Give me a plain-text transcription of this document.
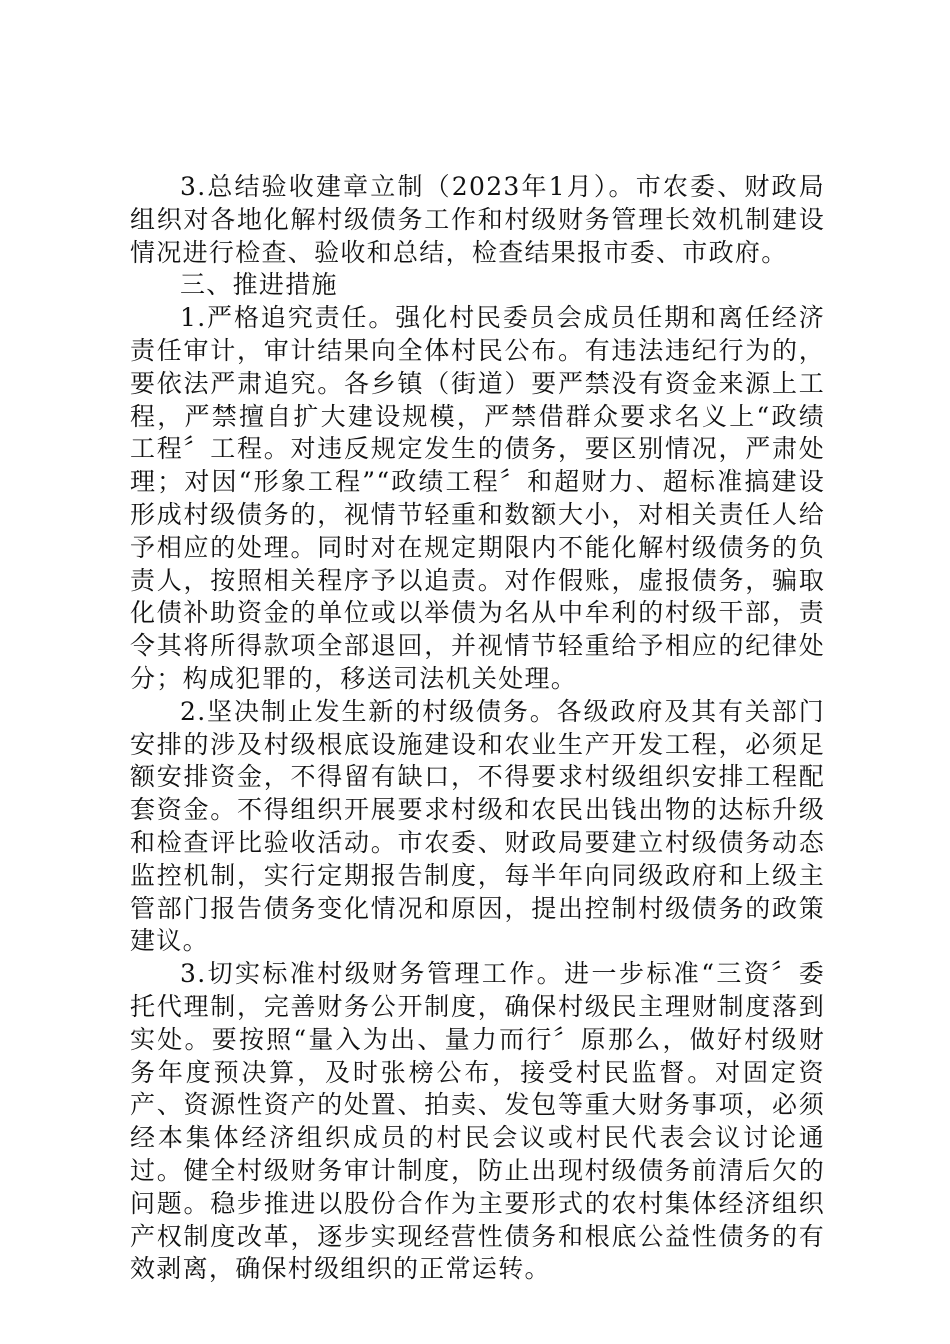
3.总结验收建章立制（2023年1月）。市农委、财政局组织对各地化解村级债务工作和村级财务管理长效机制建设情况进行检查、验收和总结，检查结果报市委、市政府。

三、推进措施

1.严格追究责任。强化村民委员会成员任期和离任经济责任审计，审计结果向全体村民公布。有违法违纪行为的，要依法严肃追究。各乡镇（街道）要严禁没有资金来源上工程，严禁擅自扩大建设规模，严禁借群众要求名义上“政绩工程〞工程。对违反规定发生的债务，要区别情况，严肃处理；对因“形象工程”“政绩工程〞和超财力、超标准搞建设形成村级债务的，视情节轻重和数额大小，对相关责任人给予相应的处理。同时对在规定期限内不能化解村级债务的负责人，按照相关程序予以追责。对作假账，虚报债务，骗取化债补助资金的单位或以举债为名从中牟利的村级干部，责令其将所得款项全部退回，并视情节轻重给予相应的纪律处分；构成犯罪的，移送司法机关处理。

2.坚决制止发生新的村级债务。各级政府及其有关部门安排的涉及村级根底设施建设和农业生产开发工程，必须足额安排资金，不得留有缺口，不得要求村级组织安排工程配套资金。不得组织开展要求村级和农民出钱出物的达标升级和检查评比验收活动。市农委、财政局要建立村级债务动态监控机制，实行定期报告制度，每半年向同级政府和上级主管部门报告债务变化情况和原因，提出控制村级债务的政策建议。

3.切实标准村级财务管理工作。进一步标准“三资〞委托代理制，完善财务公开制度，确保村级民主理财制度落到实处。要按照“量入为出、量力而行〞原那么，做好村级财务年度预决算，及时张榜公布，接受村民监督。对固定资产、资源性资产的处置、拍卖、发包等重大财务事项，必须经本集体经济组织成员的村民会议或村民代表会议讨论通过。健全村级财务审计制度，防止出现村级债务前清后欠的问题。稳步推进以股份合作为主要形式的农村集体经济组织产权制度改革，逐步实现经营性债务和根底公益性债务的有效剥离，确保村级组织的正常运转。
